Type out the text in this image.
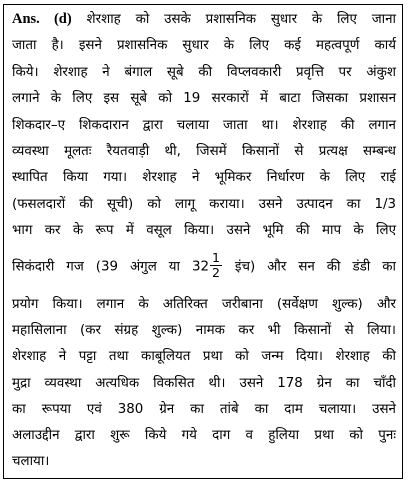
Ans. (d) शेरशाह को उसके प्रशासनिक सुधार के लिए जाना
जाता है। इसने प्रशासनिक सुधार के लिए कई महत्वपूर्ण कार्य
किये। शेरशाह ने बंगाल सूबे की विप्लवकारी प्रवृत्ति पर अंकुश
लगाने के लिए इस सूबे को 19 सरकारों में बाटा जिसका प्रशासन
शिकदार–ए शिकदारान द्वारा चलाया जाता था। शेरशाह की लगान
व्यवस्था मूलतः रैयतवाड़ी थी, जिसमें किसानों से प्रत्यक्ष सम्बन्ध
स्थापित किया गया। शेरशाह ने भूमिकर निर्धारण के लिए राई
(फसलदारों की सूची) को लागू कराया। उसने उत्पादन का 1/3
भाग कर के रूप में वसूल किया। उसने भूमि की माप के लिए
सिकंदारी गज (39 अंगुल या $32 \frac{1}{2}$ इंच) और सन की डंडी का
प्रयोग किया। लगान के अतिरिक्त जरीबाना (सर्वेक्षण शुल्क) और
महासिलाना (कर संग्रह शुल्क) नामक कर भी किसानों से लिया।
शेरशाह ने पट्टा तथा काबूलियत प्रथा को जन्म दिया। शेरशाह की
मुद्रा व्यवस्था अत्यधिक विकसित थी। उसने 178 ग्रेन का चाँदी
का रूपया एवं 380 ग्रेन का तांबे का दाम चलाया। उसने
अलाउद्दीन द्वारा शुरू किये गये दाग व हुलिया प्रथा को पुनः
चलाया।
